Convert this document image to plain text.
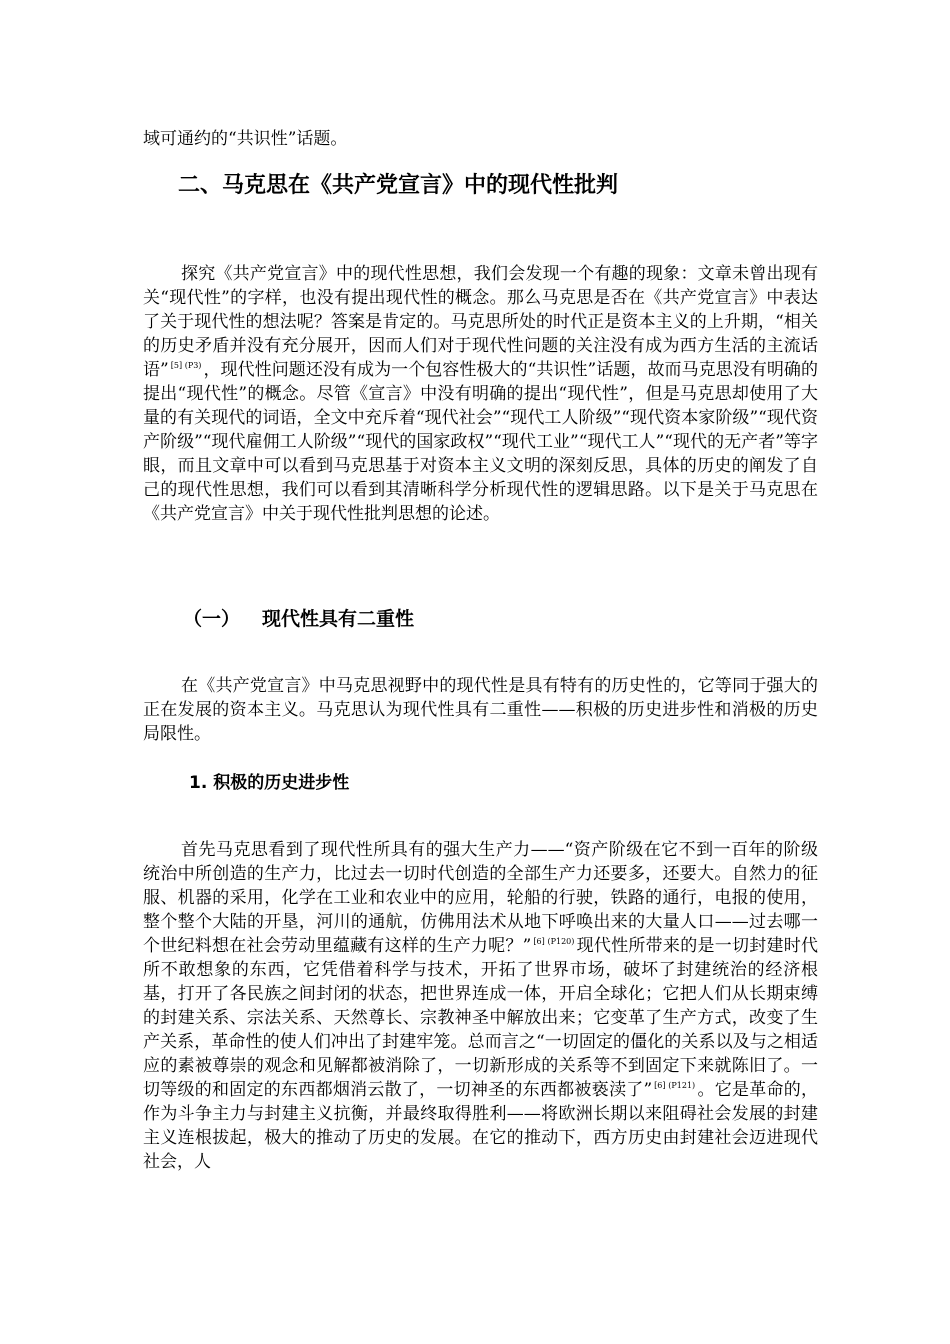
域可通约的“共识性”话题。
二、马克思在《共产党宣言》中的现代性批判
探究《共产党宣言》中的现代性思想，我们会发现一个有趣的现象：文章未曾出现有关“现代性”的字样，也没有提出现代性的概念。那么马克思是否在《共产党宣言》中表达了关于现代性的想法呢？答案是肯定的。马克思所处的时代正是资本主义的上升期，“相关的历史矛盾并没有充分展开，因而人们对于现代性问题的关注没有成为西方生活的主流话语” $^{[5] (P3)}$ ，现代性问题还没有成为一个包容性极大的“共识性”话题，故而马克思没有明确的提出“现代性”的概念。尽管《宣言》中没有明确的提出“现代性”，但是马克思却使用了大量的有关现代的词语，全文中充斥着“现代社会”“现代工人阶级”“现代资本家阶级”“现代资产阶级”“现代雇佣工人阶级”“现代的国家政权”“现代工业”“现代工人”“现代的无产者”等字眼，而且文章中可以看到马克思基于对资本主义文明的深刻反思，具体的历史的阐发了自己的现代性思想，我们可以看到其清晰科学分析现代性的逻辑思路。以下是关于马克思在《共产党宣言》中关于现代性批判思想的论述。
（一） 现代性具有二重性
在《共产党宣言》中马克思视野中的现代性是具有特有的历史性的，它等同于强大的正在发展的资本主义。马克思认为现代性具有二重性——积极的历史进步性和消极的历史局限性。
1. 积极的历史进步性
首先马克思看到了现代性所具有的强大生产力——“资产阶级在它不到一百年的阶级统治中所创造的生产力，比过去一切时代创造的全部生产力还要多，还要大。自然力的征服、机器的采用，化学在工业和农业中的应用，轮船的行驶，铁路的通行，电报的使用，整个整个大陆的开垦，河川的通航，仿佛用法术从地下呼唤出来的大量人口——过去哪一个世纪料想在社会劳动里蕴藏有这样的生产力呢？” $^{[6] (P120)}$ 现代性所带来的是一切封建时代所不敢想象的东西，它凭借着科学与技术，开拓了世界市场，破坏了封建统治的经济根基，打开了各民族之间封闭的状态，把世界连成一体，开启全球化；它把人们从长期束缚的封建关系、宗法关系、天然尊长、宗教神圣中解放出来；它变革了生产方式，改变了生产关系，革命性的使人们冲出了封建牢笼。总而言之“一切固定的僵化的关系以及与之相适应的素被尊崇的观念和见解都被消除了，一切新形成的关系等不到固定下来就陈旧了。一切等级的和固定的东西都烟消云散了，一切神圣的东西都被亵渎了” $^{[6] (P121)}$ 。它是革命的，作为斗争主力与封建主义抗衡，并最终取得胜利——将欧洲长期以来阻碍社会发展的封建主义连根拔起，极大的推动了历史的发展。在它的推动下，西方历史由封建社会迈进现代社会，人
